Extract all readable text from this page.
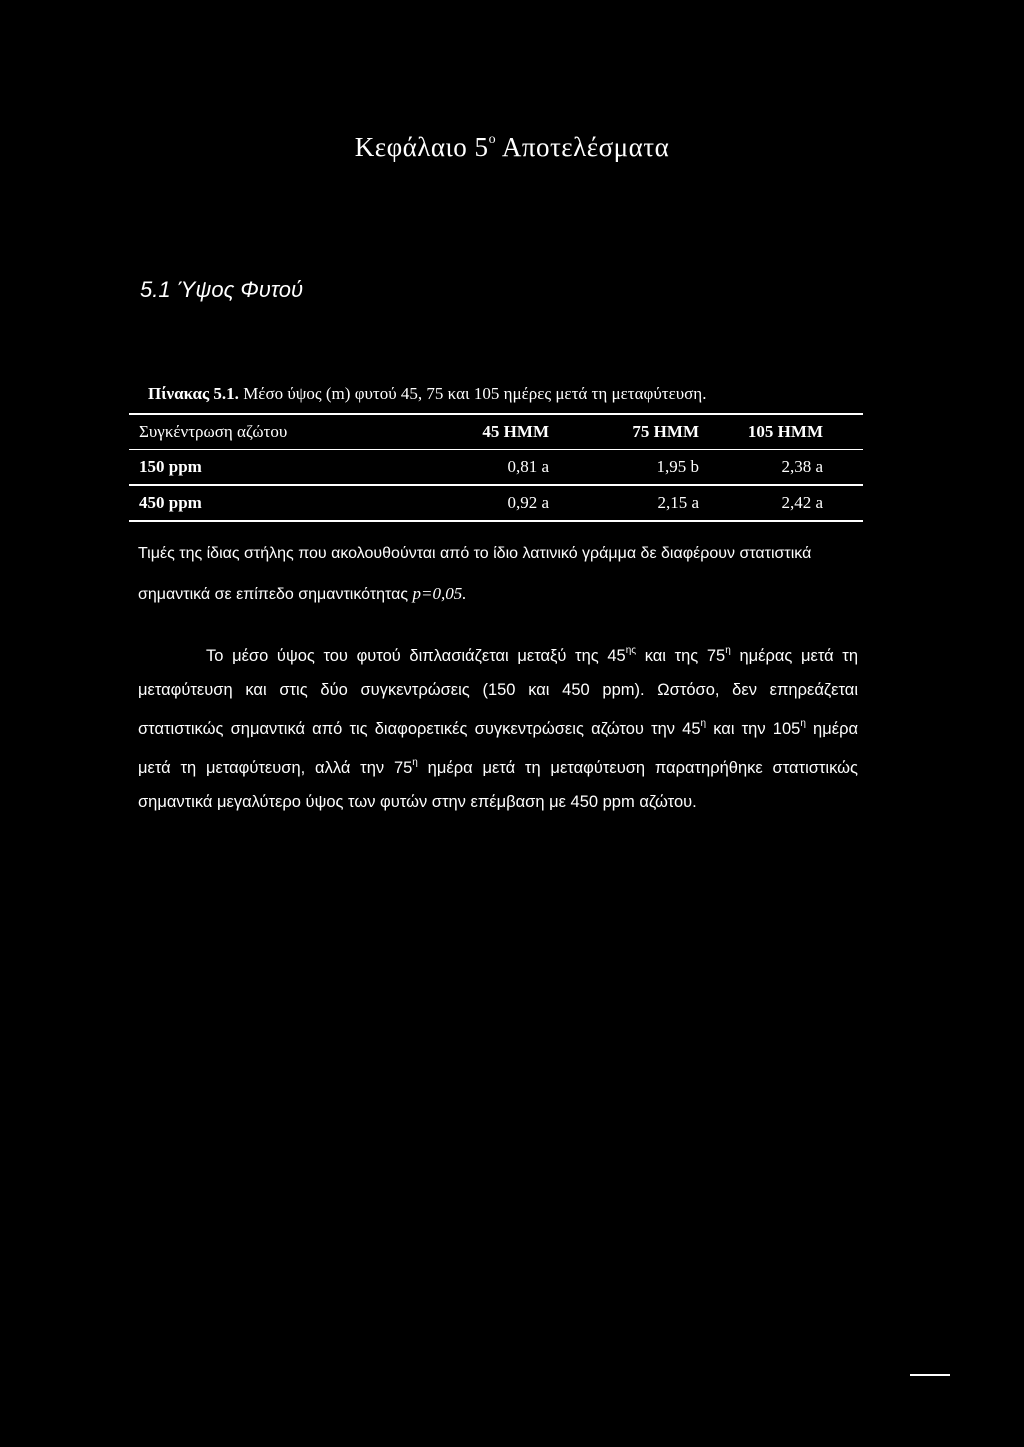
Κεφάλαιο $5^o$ Αποτελέσματα
5.1 Ύψος Φυτού
Πίνακας 5.1. Μέσο ύψος (m) φυτού 45, 75 και 105 ημέρες μετά τη μεταφύτευση.
Συγκέντρωση αζώτου	45 ΗΜΜ	75 ΗΜΜ	105 ΗΜΜ
150 ppm	0,81 a	1,95 b	2,38 a
450 ppm	0,92 a	2,15 a	2,42 a
Τιμές της ίδιας στήλης που ακολουθούνται από το ίδιο λατινικό γράμμα δε διαφέρουν στατιστικά σημαντικά σε επίπεδο σημαντικότητας p=0,05.
Το μέσο ύψος του φυτού διπλασιάζεται μεταξύ της $45^{\eta\varsigma}$ και της $75^\eta$ ημέρας μετά τη μεταφύτευση και στις δύο συγκεντρώσεις (150 και 450 ppm). Ωστόσο, δεν επηρεάζεται στατιστικώς σημαντικά από τις διαφορετικές συγκεντρώσεις αζώτου την $45^\eta$ και την $105^\eta$ ημέρα μετά τη μεταφύτευση, αλλά την $75^\eta$ ημέρα μετά τη μεταφύτευση παρατηρήθηκε στατιστικώς σημαντικά μεγαλύτερο ύψος των φυτών στην επέμβαση με 450 ppm αζώτου.
